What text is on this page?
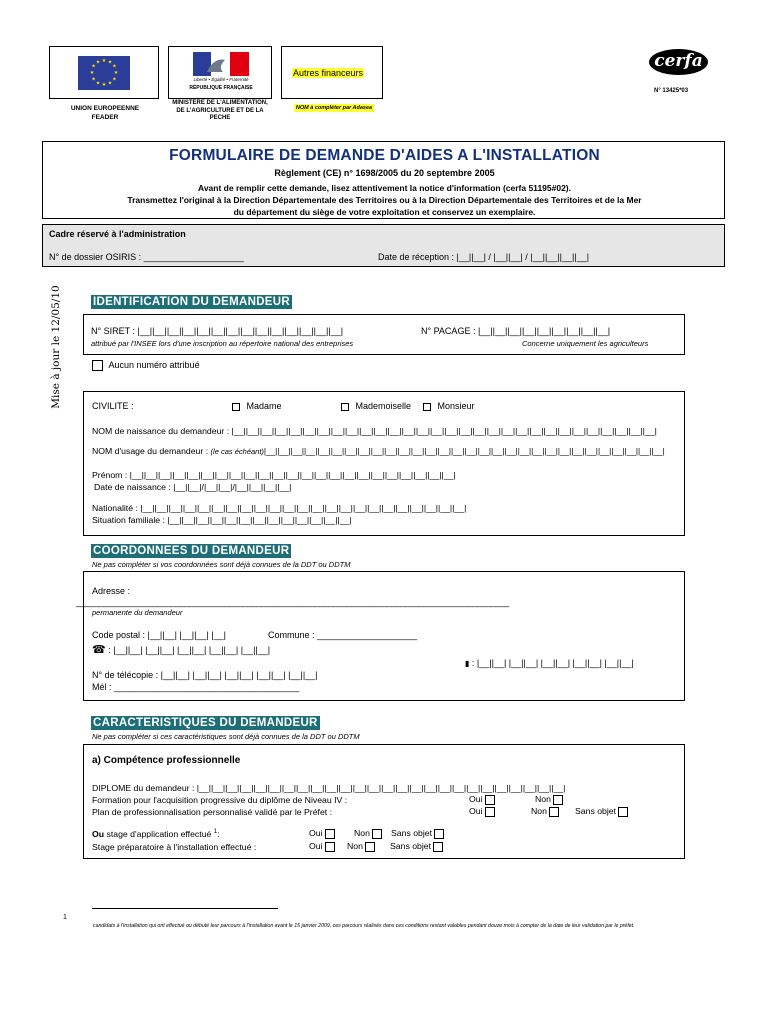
★ ★
★
★
★
★
★
★
★
★
★
★
UNION EUROPEENNE FEADER
Liberté • Égalité • Fraternité
RÉPUBLIQUE FRANÇAISE
MINISTERE DE L'ALIMENTATION, DE L'AGRICULTURE ET DE LA PECHE
Autres financeurs
NOM à compléter par Adasea
cerfa
N° 13425*03
FORMULAIRE DE DEMANDE D'AIDES A L'INSTALLATION
Règlement (CE) n° 1698/2005 du 20 septembre 2005
Avant de remplir cette demande, lisez attentivement la notice d'information (cerfa 51195#02).
Transmettez l'original à la Direction Départementale des Territoires ou à la Direction Départementale des Territoires et de la Mer
du département du siège de votre exploitation et conservez un exemplaire.
Cadre réservé à l'administration
N° de dossier OSIRIS : ____________________	Date de réception : |__||__| / |__||__| / |__||__||__||__|
Mise à jour le 12/05/10	IDENTIFICATION DU DEMANDEUR
N° SIRET : |__||__||__||__||__||__||__||__||__||__||__||__||__||__|
attribué par l'INSEE lors d'une inscription au répertoire national des entreprises
N° PACAGE : |__||__||__||__||__||__||__||__||__|
Concerne uniquement les agriculteurs
Aucun numéro attribué
CIVILITE :	Madame	Mademoiselle	Monsieur
NOM de naissance du demandeur : |__||__||__||__||__||__||__||__||__||__||__||__||__||__||__||__||__||__||__||__||__||__||__||__||__||__||__||__||__||__|
NOM d'usage du demandeur : (le cas échéant)|__||__||__||__||__||__||__||__||__||__||__||__||__||__||__||__||__||__||__||__||__||__||__||__||__||__||__||__||__||__|
Prénom : |__||__||__||__||__||__||__||__||__||__||__||__||__||__||__||__||__||__||__||__||__||__||__|
Date de naissance : |__||__|/|__||__|/|__||__||__||__|
Nationalité : |__||__||__||__||__||__||__||__||__||__||__||__||__||__||__||__||__||__||__||__||__||__||__|
Situation familiale : |__||__||__||__||__||__||__||__||__||__||__||__||__|
COORDONNEES DU DEMANDEUR
Ne pas compléter si vos coordonnées sont déjà connues de la DDT ou DDTM
Adresse :
________________________________________________________________________________________________
permanente du demandeur
Code postal : |__||__| |__||__| |__|	Commune : ____________________
☎ : |__||__| |__||__| |__||__| |__||__| |__||__|
▮ : |__||__| |__||__| |__||__| |__||__| |__||__|
N° de télécopie : |__||__| |__||__| |__||__| |__||__| |__||__|
Mél : _____________________________________
CARACTERISTIQUES DU DEMANDEUR
Ne pas compléter si ces caractéristiques sont déjà connues de la DDT ou DDTM
a) Compétence professionnelle
DIPLOME du demandeur : |__||__||__||__||__||__||__||__||__||__||__||__||__||__||__||__||__||__||__||__||__||__||__||__||__||__|
Formation pour l'acquisition progressive du diplôme de Niveau IV :	Oui	Non
Plan de professionnalisation personnalisé validé par le Préfet :	Oui	Non	Sans objet
Ou stage d'application effectué $^1$:	Oui	Non	Sans objet
Stage préparatoire à l'installation effectué :	Oui	Non	Sans objet
1
candidats à l'installation qui ont effectué ou débuté leur parcours à l'installation avant le 15 janvier 2009, ces parcours réalisés dans ces conditions restant valables pendant douze mois à compter de la date de leur validation par le préfet.
